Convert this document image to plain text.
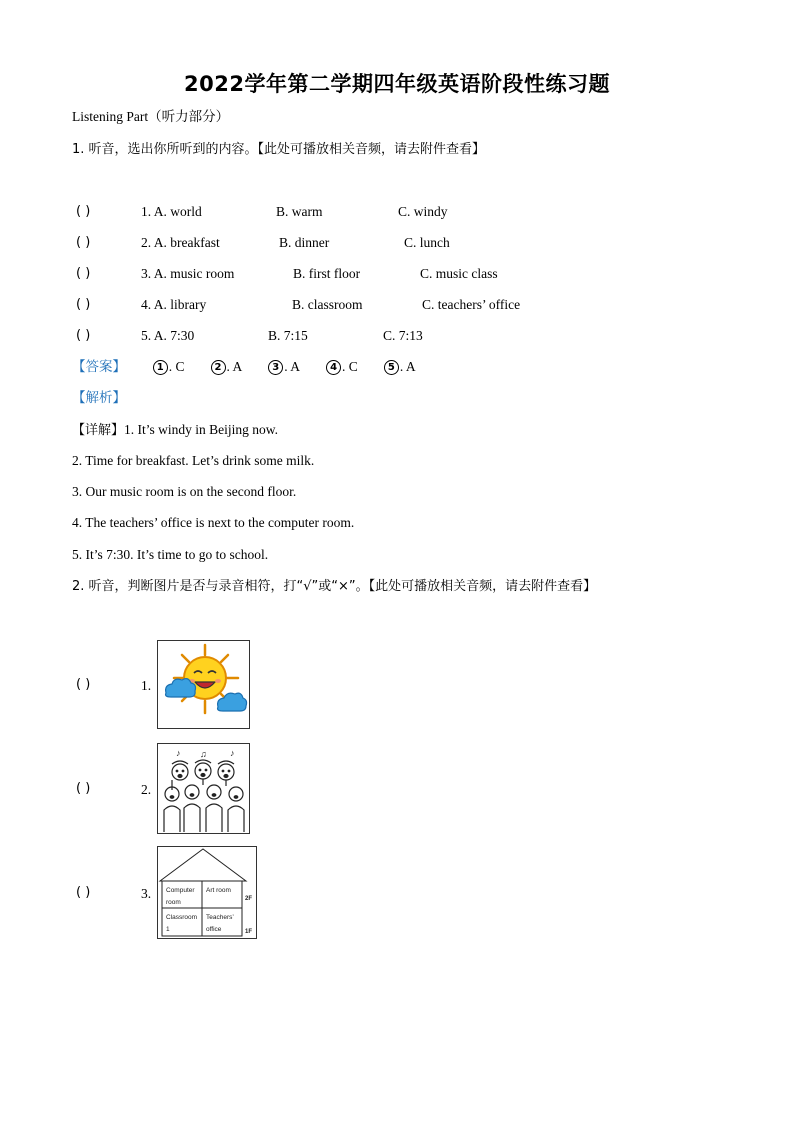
2022学年第二学期四年级英语阶段性练习题
Listening Part（听力部分）
1. 听音，选出你所听到的内容。【此处可播放相关音频，请去附件查看】
( )	1. A. world	B. warm	C. windy
( )	2. A. breakfast	B. dinner	C. lunch
( )	3. A. music room	B. first floor	C. music class
( )	4. A. library	B. classroom	C. teachers’ office
( )	5. A. 7:30	B. 7:15	C. 7:13
【答案】	1 . C	2 . A	3 . A	4 . C	5 . A
【解析】
【详解】1. It’s windy in Beijing now.
2. Time for breakfast. Let’s drink some milk.
3. Our music room is on the second floor.
4. The teachers’ office is next to the computer room.
5. It’s 7:30. It’s time to go to school.
2. 听音，判断图片是否与录音相符，打“√”或“×”。【此处可播放相关音频，请去附件查看】
( )	1.
( )	2.
♪ ♫	♪
( )	3. Computer
room
Art room
Classroom
1
Teachers’
office
2F
1F
